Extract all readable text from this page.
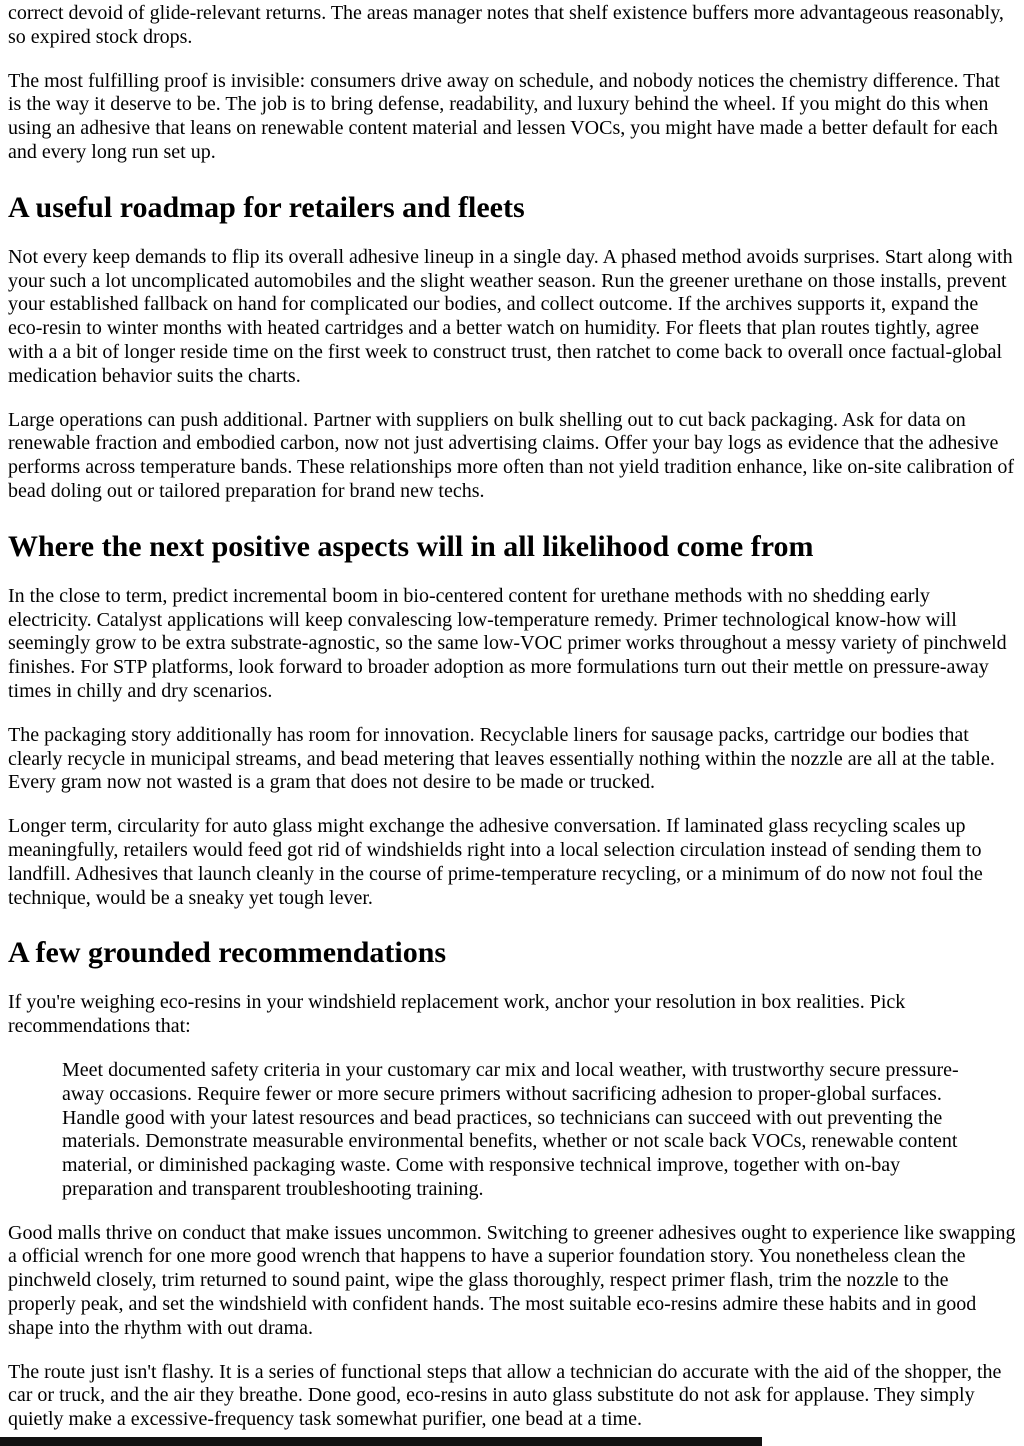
correct devoid of glide-relevant returns. The areas manager notes that shelf existence buffers more advantageous reasonably, so expired stock drops.

The most fulfilling proof is invisible: consumers drive away on schedule, and nobody notices the chemistry difference. That is the way it deserve to be. The job is to bring defense, readability, and luxury behind the wheel. If you might do this when using an adhesive that leans on renewable content material and lessen VOCs, you might have made a better default for each and every long run set up.

A useful roadmap for retailers and fleets

Not every keep demands to flip its overall adhesive lineup in a single day. A phased method avoids surprises. Start along with your such a lot uncomplicated automobiles and the slight weather season. Run the greener urethane on those installs, prevent your established fallback on hand for complicated our bodies, and collect outcome. If the archives supports it, expand the eco-resin to winter months with heated cartridges and a better watch on humidity. For fleets that plan routes tightly, agree with a a bit of longer reside time on the first week to construct trust, then ratchet to come back to overall once factual-global medication behavior suits the charts.

Large operations can push additional. Partner with suppliers on bulk shelling out to cut back packaging. Ask for data on renewable fraction and embodied carbon, now not just advertising claims. Offer your bay logs as evidence that the adhesive performs across temperature bands. These relationships more often than not yield tradition enhance, like on-site calibration of bead doling out or tailored preparation for brand new techs.

Where the next positive aspects will in all likelihood come from

In the close to term, predict incremental boom in bio-centered content for urethane methods with no shedding early electricity. Catalyst applications will keep convalescing low-temperature remedy. Primer technological know-how will seemingly grow to be extra substrate-agnostic, so the same low-VOC primer works throughout a messy variety of pinchweld finishes. For STP platforms, look forward to broader adoption as more formulations turn out their mettle on pressure-away times in chilly and dry scenarios.

The packaging story additionally has room for innovation. Recyclable liners for sausage packs, cartridge our bodies that clearly recycle in municipal streams, and bead metering that leaves essentially nothing within the nozzle are all at the table. Every gram now not wasted is a gram that does not desire to be made or trucked.

Longer term, circularity for auto glass might exchange the adhesive conversation. If laminated glass recycling scales up meaningfully, retailers would feed got rid of windshields right into a local selection circulation instead of sending them to landfill. Adhesives that launch cleanly in the course of prime-temperature recycling, or a minimum of do now not foul the technique, would be a sneaky yet tough lever.

A few grounded recommendations

If you're weighing eco-resins in your windshield replacement work, anchor your resolution in box realities. Pick recommendations that:

Meet documented safety criteria in your customary car mix and local weather, with trustworthy secure pressure-away occasions. Require fewer or more secure primers without sacrificing adhesion to proper-global surfaces. Handle good with your latest resources and bead practices, so technicians can succeed with out preventing the materials. Demonstrate measurable environmental benefits, whether or not scale back VOCs, renewable content material, or diminished packaging waste. Come with responsive technical improve, together with on-bay preparation and transparent troubleshooting training.

Good malls thrive on conduct that make issues uncommon. Switching to greener adhesives ought to experience like swapping a official wrench for one more good wrench that happens to have a superior foundation story. You nonetheless clean the pinchweld closely, trim returned to sound paint, wipe the glass thoroughly, respect primer flash, trim the nozzle to the properly peak, and set the windshield with confident hands. The most suitable eco-resins admire these habits and in good shape into the rhythm with out drama.

The route just isn't flashy. It is a series of functional steps that allow a technician do accurate with the aid of the shopper, the car or truck, and the air they breathe. Done good, eco-resins in auto glass substitute do not ask for applause. They simply quietly make a excessive-frequency task somewhat purifier, one bead at a time.
